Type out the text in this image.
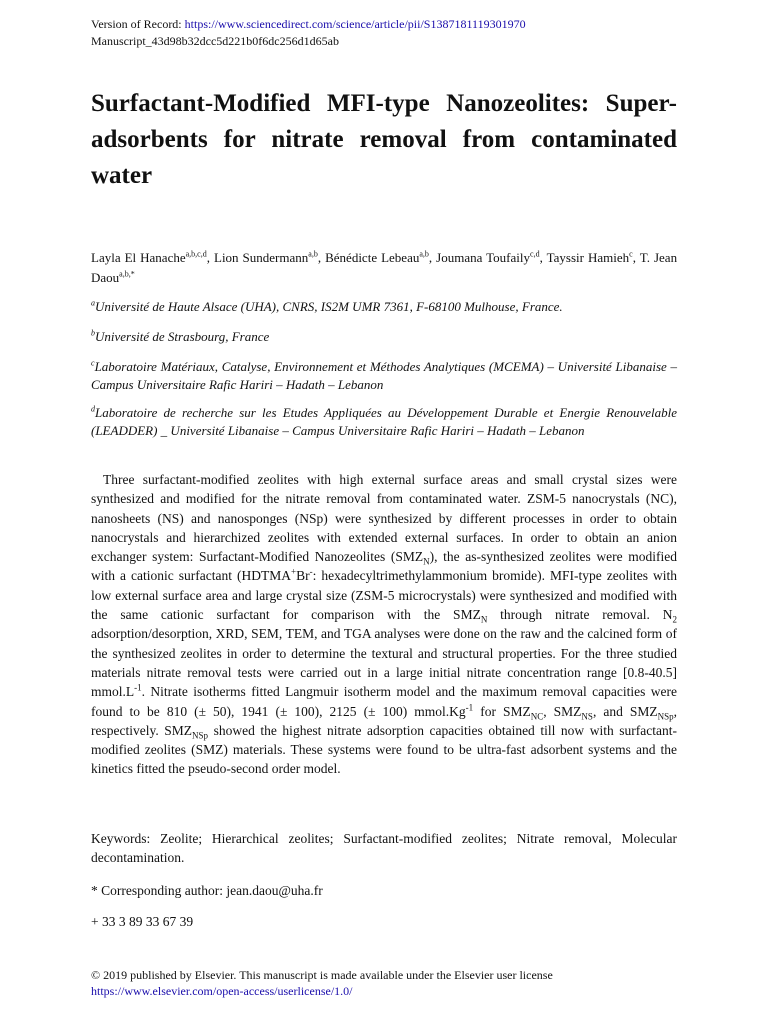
Version of Record: https://www.sciencedirect.com/science/article/pii/S1387181119301970
Manuscript_43d98b32dcc5d221b0f6dc256d1d65ab
Surfactant-Modified MFI-type Nanozeolites: Super-adsorbents for nitrate removal from contaminated water
Layla El Hanache$^{a,b,c,d}$, Lion Sundermann$^{a,b}$, Bénédicte Lebeau$^{a,b}$, Joumana Toufaily$^{c,d}$, Tayssir Hamieh$^c$, T. Jean Daou$^{a,b,*}$
$^a$Université de Haute Alsace (UHA), CNRS, IS2M UMR 7361, F-68100 Mulhouse, France.
$^b$Université de Strasbourg, France
$^c$Laboratoire Matériaux, Catalyse, Environnement et Méthodes Analytiques (MCEMA) – Université Libanaise – Campus Universitaire Rafic Hariri – Hadath – Lebanon
$^d$Laboratoire de recherche sur les Etudes Appliquées au Développement Durable et Energie Renouvelable (LEADDER) _ Université Libanaise – Campus Universitaire Rafic Hariri – Hadath – Lebanon

Three surfactant-modified zeolites with high external surface areas and small crystal sizes were synthesized and modified for the nitrate removal from contaminated water. ZSM-5 nanocrystals (NC), nanosheets (NS) and nanosponges (NSp) were synthesized by different processes in order to obtain nanocrystals and hierarchized zeolites with extended external surfaces. In order to obtain an anion exchanger system: Surfactant-Modified Nanozeolites $(SMZ_N)$, the as-synthesized zeolites were modified with a cationic surfactant (HDTMA+Br-: hexadecyltrimethylammonium bromide). MFI-type zeolites with low external surface area and large crystal size (ZSM-5 microcrystals) were synthesized and modified with the same cationic surfactant for comparison with the $SMZ_N$ through nitrate removal. $N_2$ adsorption/desorption, XRD, SEM, TEM, and TGA analyses were done on the raw and the calcined form of the synthesized zeolites in order to determine the textural and structural properties. For the three studied materials nitrate removal tests were carried out in a large initial nitrate concentration range [0.8-40.5] $mmol.L^{-1}$. Nitrate isotherms fitted Langmuir isotherm model and the maximum removal capacities were found to be 810 (± 50), 1941 (± 100), 2125 (± 100) $mmol.Kg^{-1}$ for $SMZ_{NC}$, $SMZ_{NS}$, and $SMZ_{NSp}$, respectively. $SMZ_{NSp}$ showed the highest nitrate adsorption capacities obtained till now with surfactant-modified zeolites (SMZ) materials. These systems were found to be ultra-fast adsorbent systems and the kinetics fitted the pseudo-second order model.

Keywords: Zeolite; Hierarchical zeolites; Surfactant-modified zeolites; Nitrate removal, Molecular decontamination.
* Corresponding author: jean.daou@uha.fr
+ 33 3 89 33 67 39
© 2019 published by Elsevier. This manuscript is made available under the Elsevier user license
https://www.elsevier.com/open-access/userlicense/1.0/
